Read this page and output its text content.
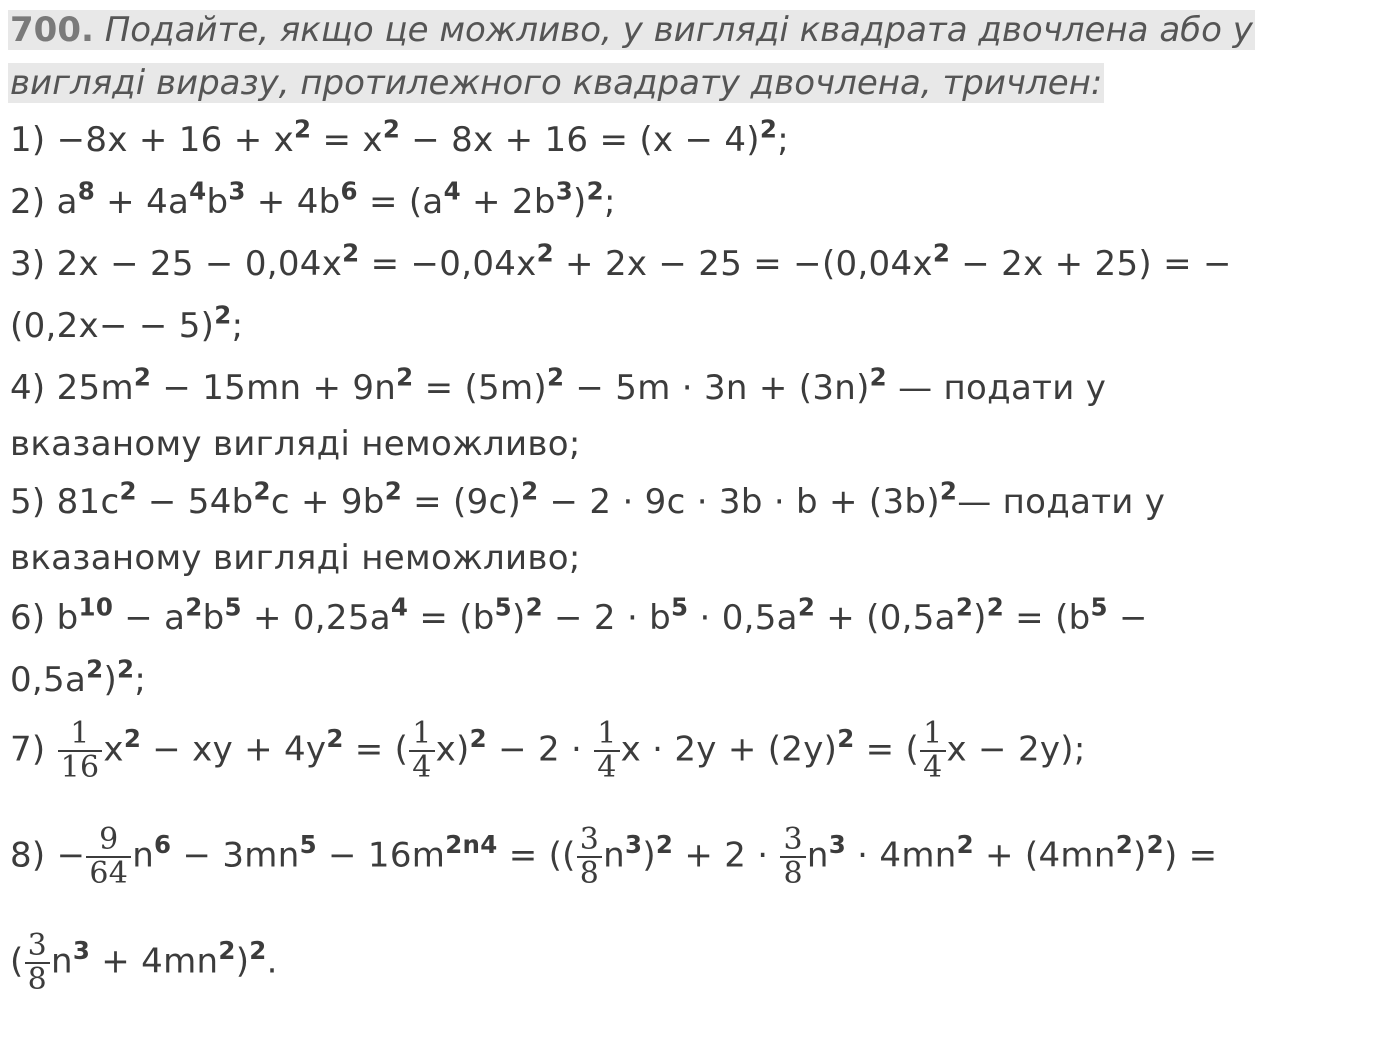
700. Подайте, якщо це можливо, у вигляді квадрата двочлена або у вигляді виразу, протилежного квадрату двочлена, тричлен:
$1) -8x + 16 + x^2 = x^2 - 8x + 16 = (x - 4)^2$;
2) $a^8 + 4a^4b^3 + 4b^6 = (a^4 + 2b^3)^2$;
3) $2x - 25 - 0,04x^2 = -0,04x^2 + 2x - 25 = -(0,04x^2 - 2x + 25)$ = −
$(0,2x- - 5)^2$;
4) $25m^2 - 15mn + 9n^2 = (5m)^2 - 5m \cdot 3n + (3n)^2$ — подати у
вказаному вигляді неможливо;
5) $81c^2 - 54b^2c + 9b^2 = (9c)^2 - 2 \cdot 9c \cdot 3b \cdot b$ + $(3b)^2—$ подати у
вказаному вигляді неможливо;
6) $b^{10} - a^2b^5 + 0,25a^4 = (b^5)^2 - 2 \cdot b^5 \cdot 0,5a^2 + (0,5a^2)^2 = (b^5$ −
$0,5a^2)^2$;
$7) \frac{1}{16} x^2$ − xy + $4y^2$ = ( $\frac{1}{4} x)^2 - 2 \cdot \frac{1}{4}$ $x \cdot 2y + (2y)^2$ = ( $\frac{1}{4}$ x − 2y);
$8) - \frac{9}{64} n^6 - 3mn^5 - 16m^{2n4}$ = (( $\frac{3}{8} n^3)^2 + 2 \cdot \frac{3}{8} n^3 \cdot 4mn^2 + (4mn^2)^2$) =
( $\frac{3}{8} n^3 + 4mn^2)^2$.
